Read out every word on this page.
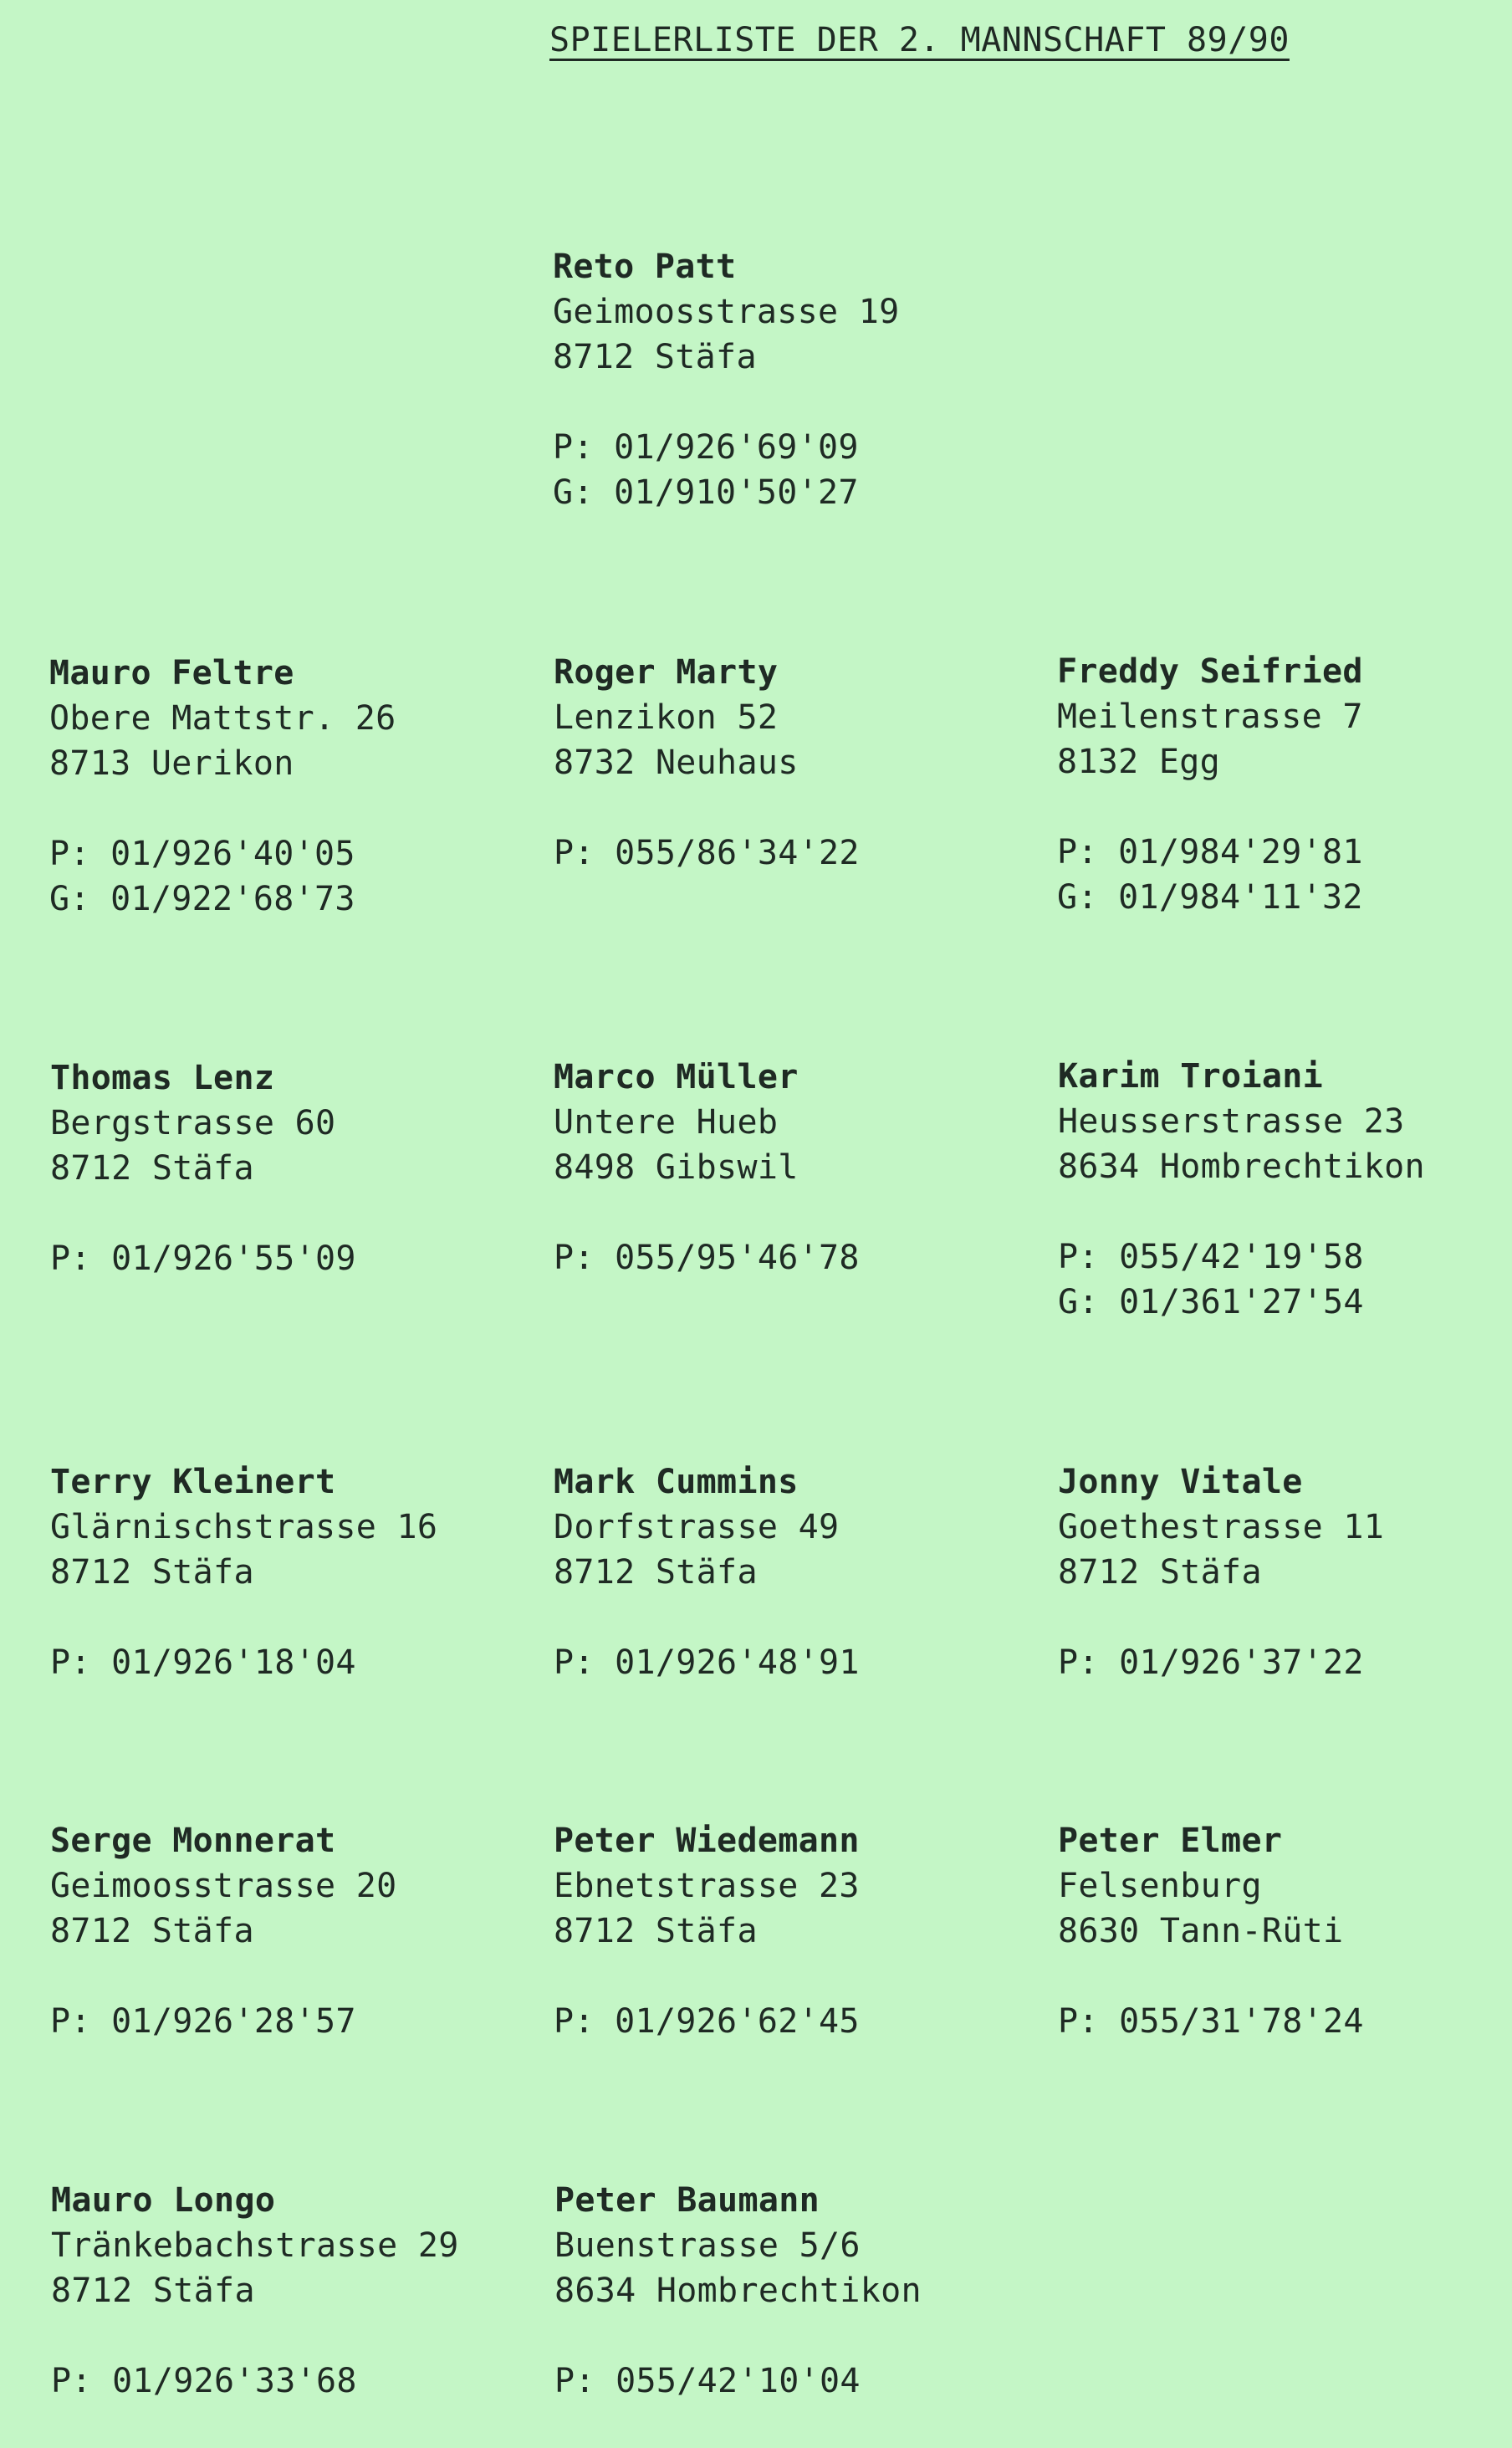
SPIELERLISTE DER 2. MANNSCHAFT 89/90
Reto Patt
Geimoosstrasse 19
8712 Stäfa
P: 01/926'69'09
G: 01/910'50'27
Mauro Feltre
Obere Mattstr. 26
8713 Uerikon
P: 01/926'40'05
G: 01/922'68'73
Roger Marty
Lenzikon 52
8732 Neuhaus
P: 055/86'34'22
Freddy Seifried
Meilenstrasse 7
8132 Egg
P: 01/984'29'81
G: 01/984'11'32
Thomas Lenz
Bergstrasse 60
8712 Stäfa
P: 01/926'55'09
Marco Müller
Untere Hueb
8498 Gibswil
P: 055/95'46'78
Karim Troiani
Heusserstrasse 23
8634 Hombrechtikon
P: 055/42'19'58
G: 01/361'27'54
Terry Kleinert
Glärnischstrasse 16
8712 Stäfa
P: 01/926'18'04
Mark Cummins
Dorfstrasse 49
8712 Stäfa
P: 01/926'48'91
Jonny Vitale
Goethestrasse 11
8712 Stäfa
P: 01/926'37'22
Serge Monnerat
Geimoosstrasse 20
8712 Stäfa
P: 01/926'28'57
Peter Wiedemann
Ebnetstrasse 23
8712 Stäfa
P: 01/926'62'45
Peter Elmer
Felsenburg
8630 Tann-Rüti
P: 055/31'78'24
Mauro Longo
Tränkebachstrasse 29
8712 Stäfa
P: 01/926'33'68
Peter Baumann
Buenstrasse 5/6
8634 Hombrechtikon
P: 055/42'10'04
